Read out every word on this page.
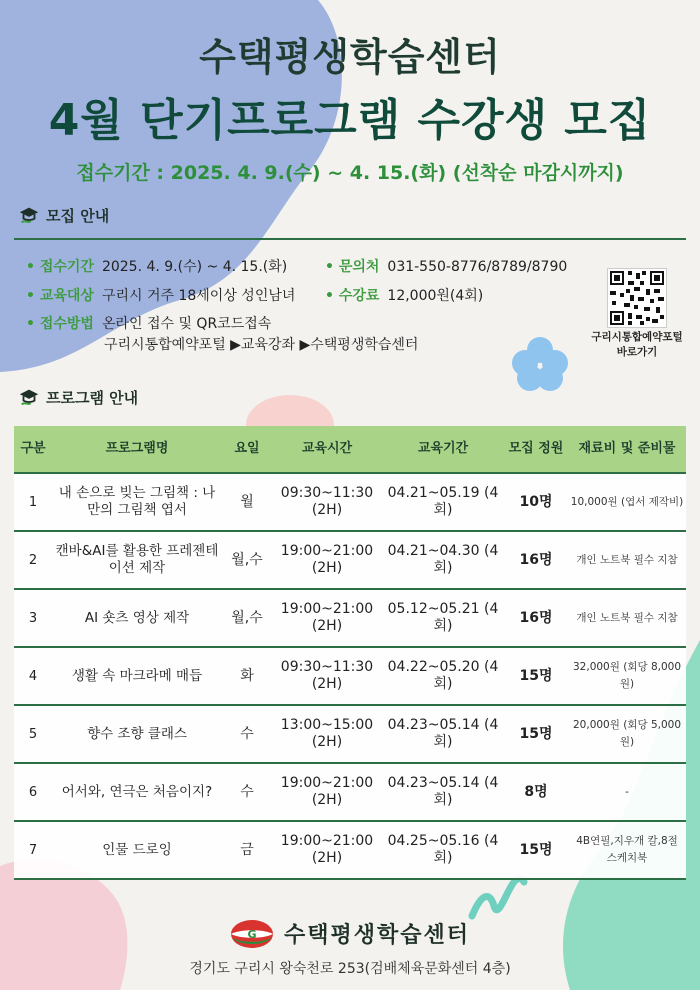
수택평생학습센터
4월 단기프로그램 수강생 모집
접수기간 : 2025. 4. 9.(수) ~ 4. 15.(화) (선착순 마감시까지)
모집 안내
• 접수기간 2025. 4. 9.(수) ~ 4. 15.(화)	• 문의처 031-550-8776/8789/8790
• 교육대상 구리시 거주 18세이상 성인남녀 • 수강료 12,000원(4회)
• 접수방법 온라인 접수 및 QR코드접속
구리시통합예약포털 ▶교육강좌 ▶수택평생학습센터	구리시통합예약포털 바로가기
프로그램 안내
구분	프로그램명	요일	교육시간	교육기간	모집 정원	재료비 및 준비물
1	내 손으로 빚는 그림책 : 나만의 그림책 엽서	월	09:30~11:30 (2H)	04.21~05.19 (4회)	10명	10,000원 (엽서 제작비)
2	캔바&AI를 활용한 프레젠테이션 제작	월,수	19:00~21:00 (2H)	04.21~04.30 (4회)	16명	개인 노트북 필수 지참
3	AI 숏츠 영상 제작	월,수	19:00~21:00 (2H)	05.12~05.21 (4회)	16명	개인 노트북 필수 지참
4	생활 속 마크라메 매듭	화	09:30~11:30 (2H)	04.22~05.20 (4회)	15명	32,000원 (회당 8,000원)
5	향수 조향 클래스	수	13:00~15:00 (2H)	04.23~05.14 (4회)	15명	20,000원 (회당 5,000원)
6	어서와, 연극은 처음이지?	수	19:00~21:00 (2H)	04.23~05.14 (4회)	8명	-
7	인물 드로잉	금	19:00~21:00 (2H)	04.25~05.16 (4회)	15명	4B연필,지우개 칼,8절 스케치북
G 수택평생학습센터
경기도 구리시 왕숙천로 253(검배체육문화센터 4층)
